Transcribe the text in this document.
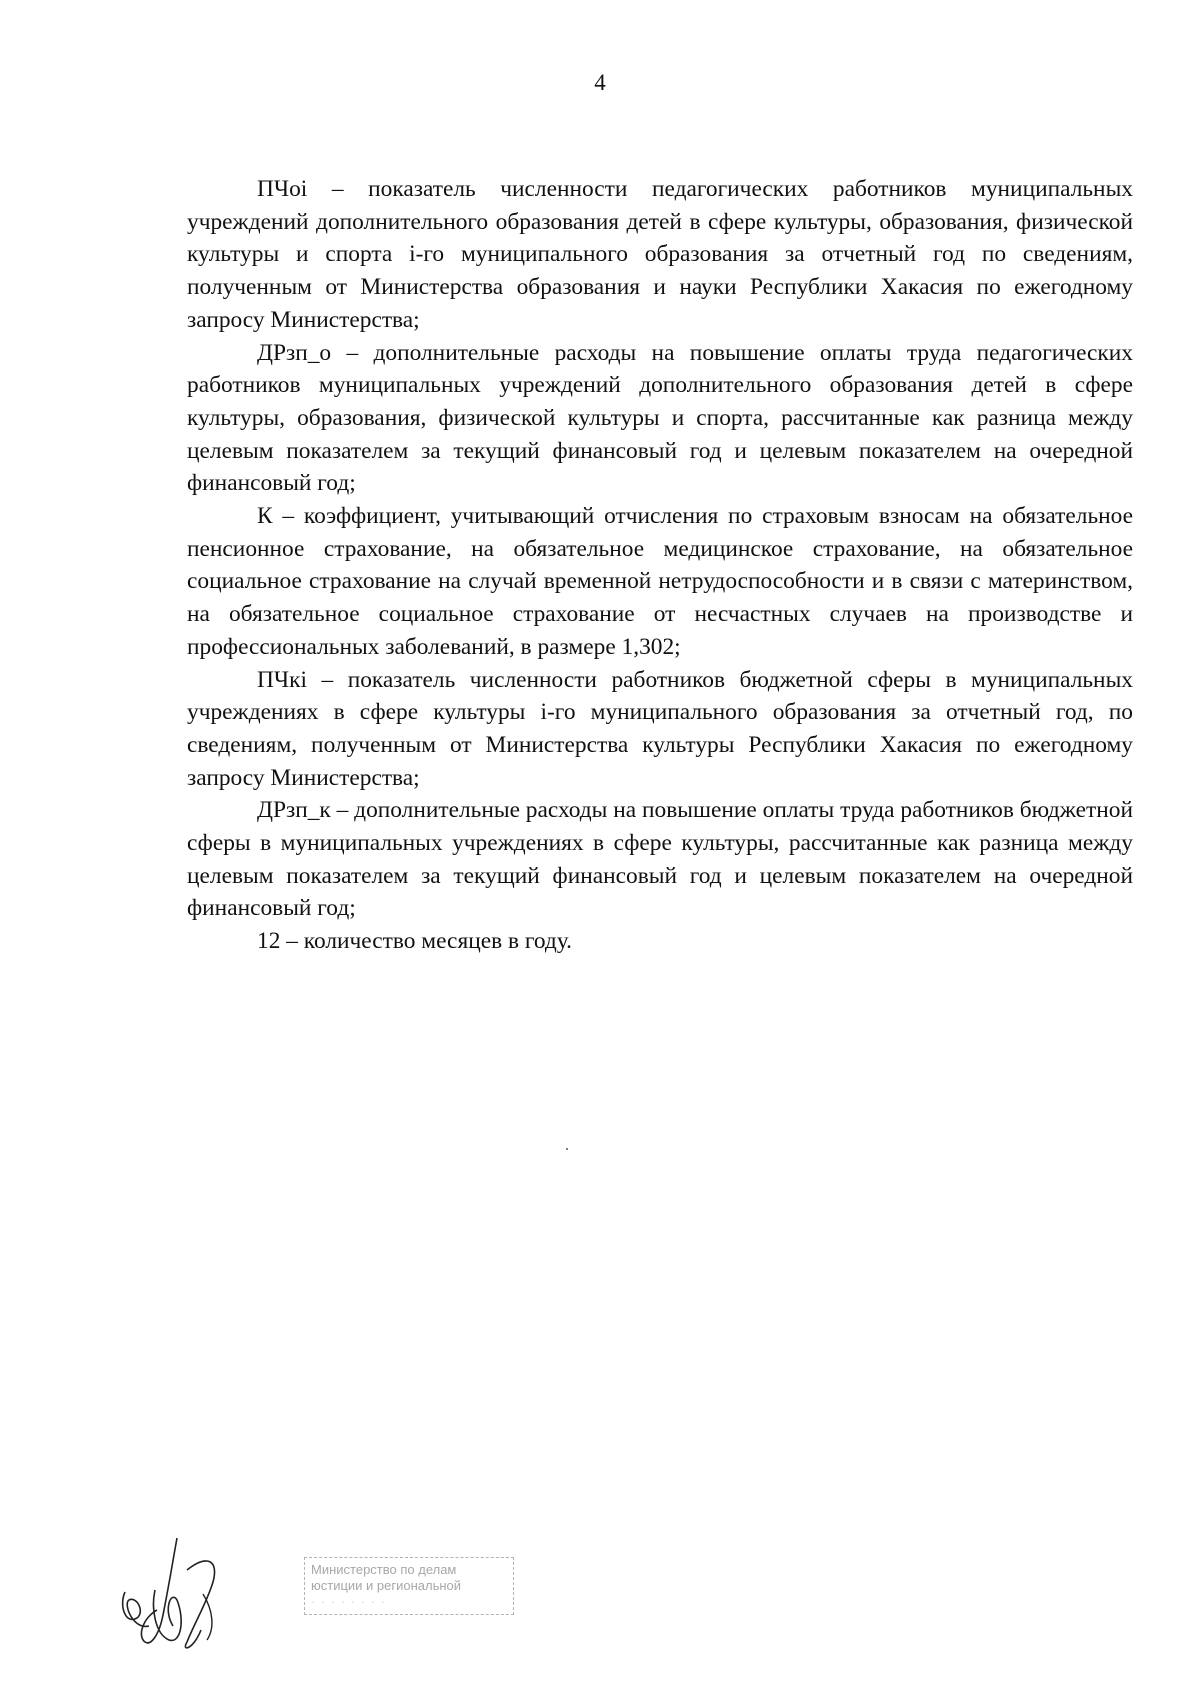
4

ПЧоi – показатель численности педагогических работников муниципальных учреждений дополнительного образования детей в сфере культуры, образования, физической культуры и спорта i-го муниципального образования за отчетный год по сведениям, полученным от Министерства образования и науки Республики Хакасия по ежегодному запросу Министерства;

ДРзп_о – дополнительные расходы на повышение оплаты труда педагогических работников муниципальных учреждений дополнительного образования детей в сфере культуры, образования, физической культуры и спорта, рассчитанные как разница между целевым показателем за текущий финансовый год и целевым показателем на очередной финансовый год;

К – коэффициент, учитывающий отчисления по страховым взносам на обязательное пенсионное страхование, на обязательное медицинское страхование, на обязательное социальное страхование на случай временной нетрудоспособности и в связи с материнством, на обязательное социальное страхование от несчастных случаев на производстве и профессиональных заболеваний, в размере 1,302;

ПЧкi – показатель численности работников бюджетной сферы в муниципальных учреждениях в сфере культуры i-го муниципального образования за отчетный год, по сведениям, полученным от Министерства культуры Республики Хакасия по ежегодному запросу Министерства;

ДРзп_к – дополнительные расходы на повышение оплаты труда работников бюджетной сферы в муниципальных учреждениях в сфере культуры, рассчитанные как разница между целевым показателем за текущий финансовый год и целевым показателем на очередной финансовый год;

12 – количество месяцев в году.

Министерство по делам
юстиции и региональной
· · · · · · · ·
